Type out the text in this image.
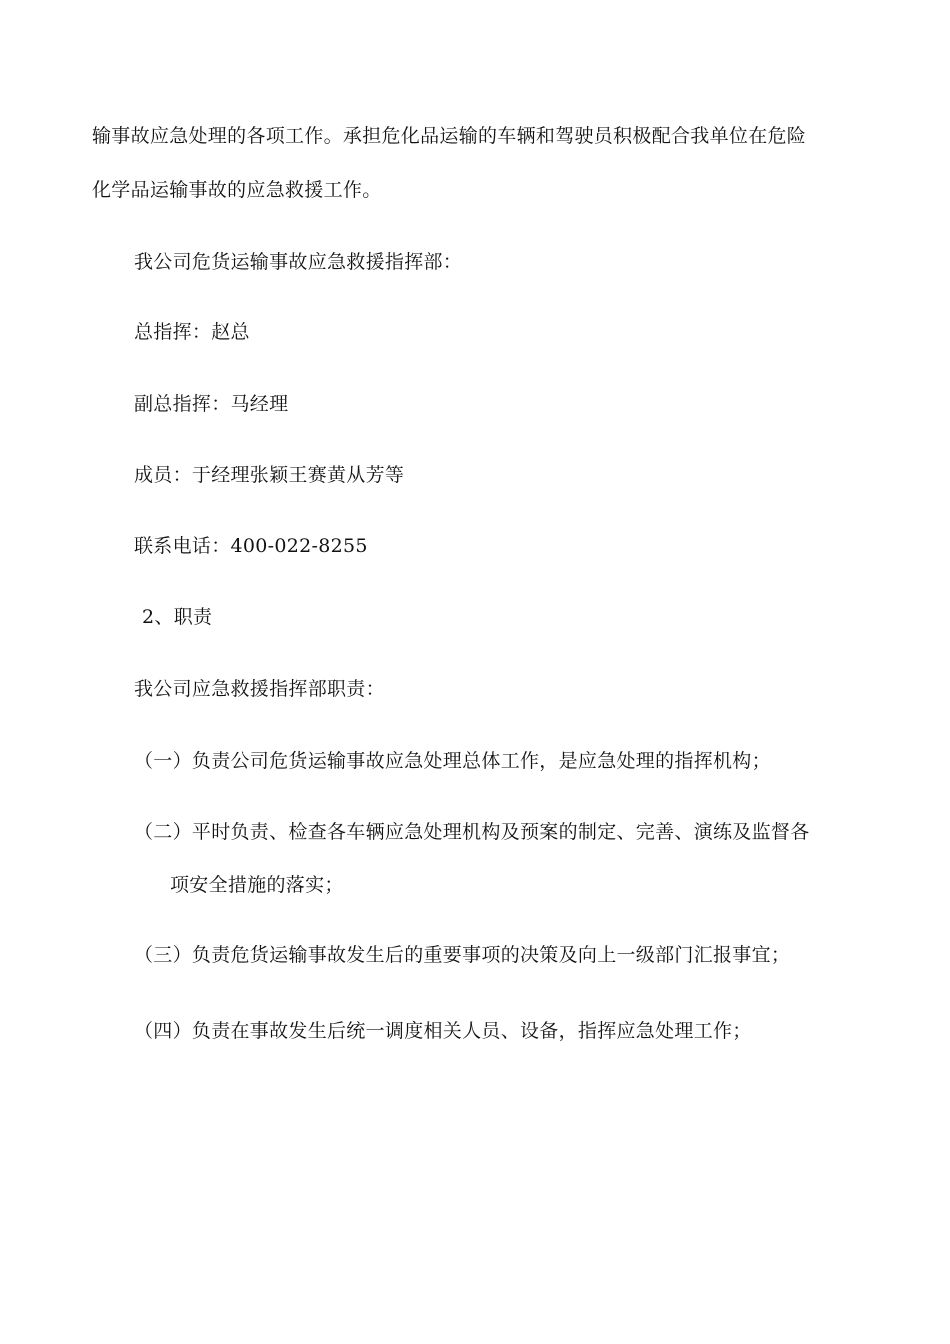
输事故应急处理的各项工作。承担危化品运输的车辆和驾驶员积极配合我单位在危险
化学品运输事故的应急救援工作。
我公司危货运输事故应急救援指挥部：
总指挥：赵总
副总指挥：马经理
成员：于经理张颖王赛黄从芳等
联系电话：400-022-8255
2、职责
我公司应急救援指挥部职责：
（一）负责公司危货运输事故应急处理总体工作，是应急处理的指挥机构；
（二）平时负责、检查各车辆应急处理机构及预案的制定、完善、演练及监督各
项安全措施的落实；
（三）负责危货运输事故发生后的重要事项的决策及向上一级部门汇报事宜；
（四）负责在事故发生后统一调度相关人员、设备，指挥应急处理工作；
